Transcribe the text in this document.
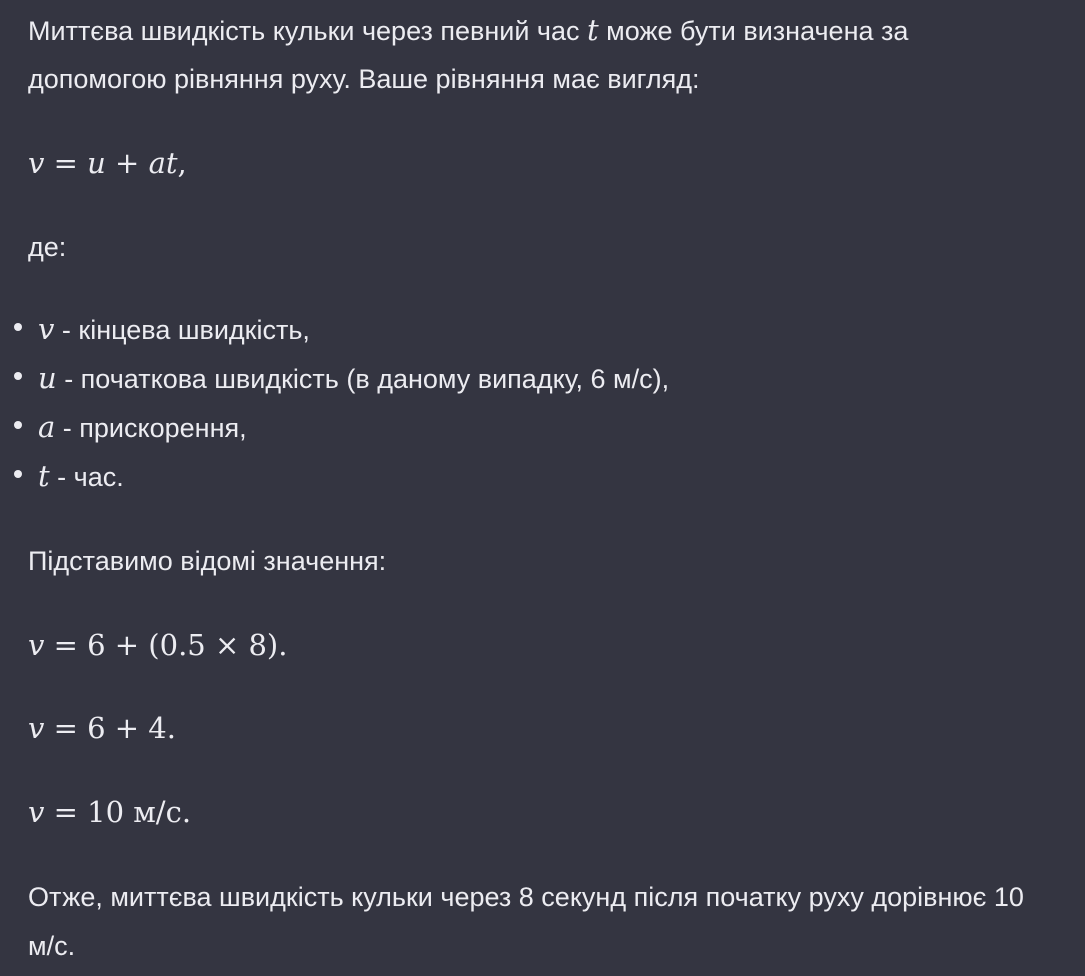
Миттєва швидкість кульки через певний час t може бути визначена за
допомогою рівняння руху. Ваше рівняння має вигляд:
v = u + at,
де:
v - кінцева швидкість,
u - початкова швидкість (в даному випадку, 6 м/с),
a - прискорення,
t - час.
Підставимо відомі значення:
v = 6 + (0.5 × 8).
v = 6 + 4.
v = 10 м/с.
Отже, миттєва швидкість кульки через 8 секунд після початку руху дорівнює 10
м/с.
